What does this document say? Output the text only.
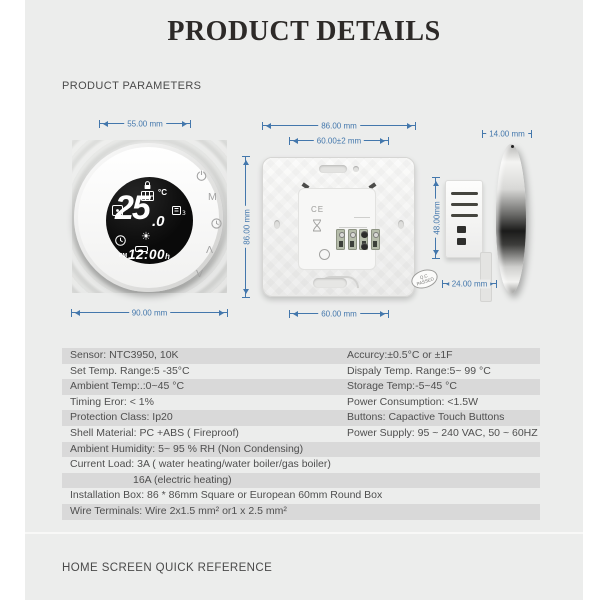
PRODUCT DETAILS
PRODUCT PARAMETERS
3
☀
25 .0
°C
PM 12:00h
M
Λ
V
55.00 mm
90.00 mm
CE
Q.C PASSED
86.00 mm
60.00±2 mm
86.00 mm
60.00 mm
14.00 mm
48.00mm
24.00 mm
Sensor: NTC3950, 10K	Accurcy:±0.5°C or ±1F
Set Temp. Range:5 -35°C	Dispaly Temp. Range:5~ 99 °C
Ambient Temp:.:0~45 °C	Storage Temp:-5~45 °C
Timing Eror: < 1%	Power Consumption: <1.5W
Protection Class: Ip20	Buttons: Capactive Touch Buttons
Shell Material: PC +ABS ( Fireproof)	Power Supply: 95 ~ 240 VAC, 50 ~ 60HZ
Ambient Humidity: 5~ 95 % RH (Non Condensing)
Current Load: 3A ( water heating/water boiler/gas boiler)
16A (electric heating)
Installation Box: 86 * 86mm Square or European 60mm Round Box
Wire Terminals: Wire 2x1.5 mm² or1 x 2.5 mm²
HOME SCREEN QUICK REFERENCE
